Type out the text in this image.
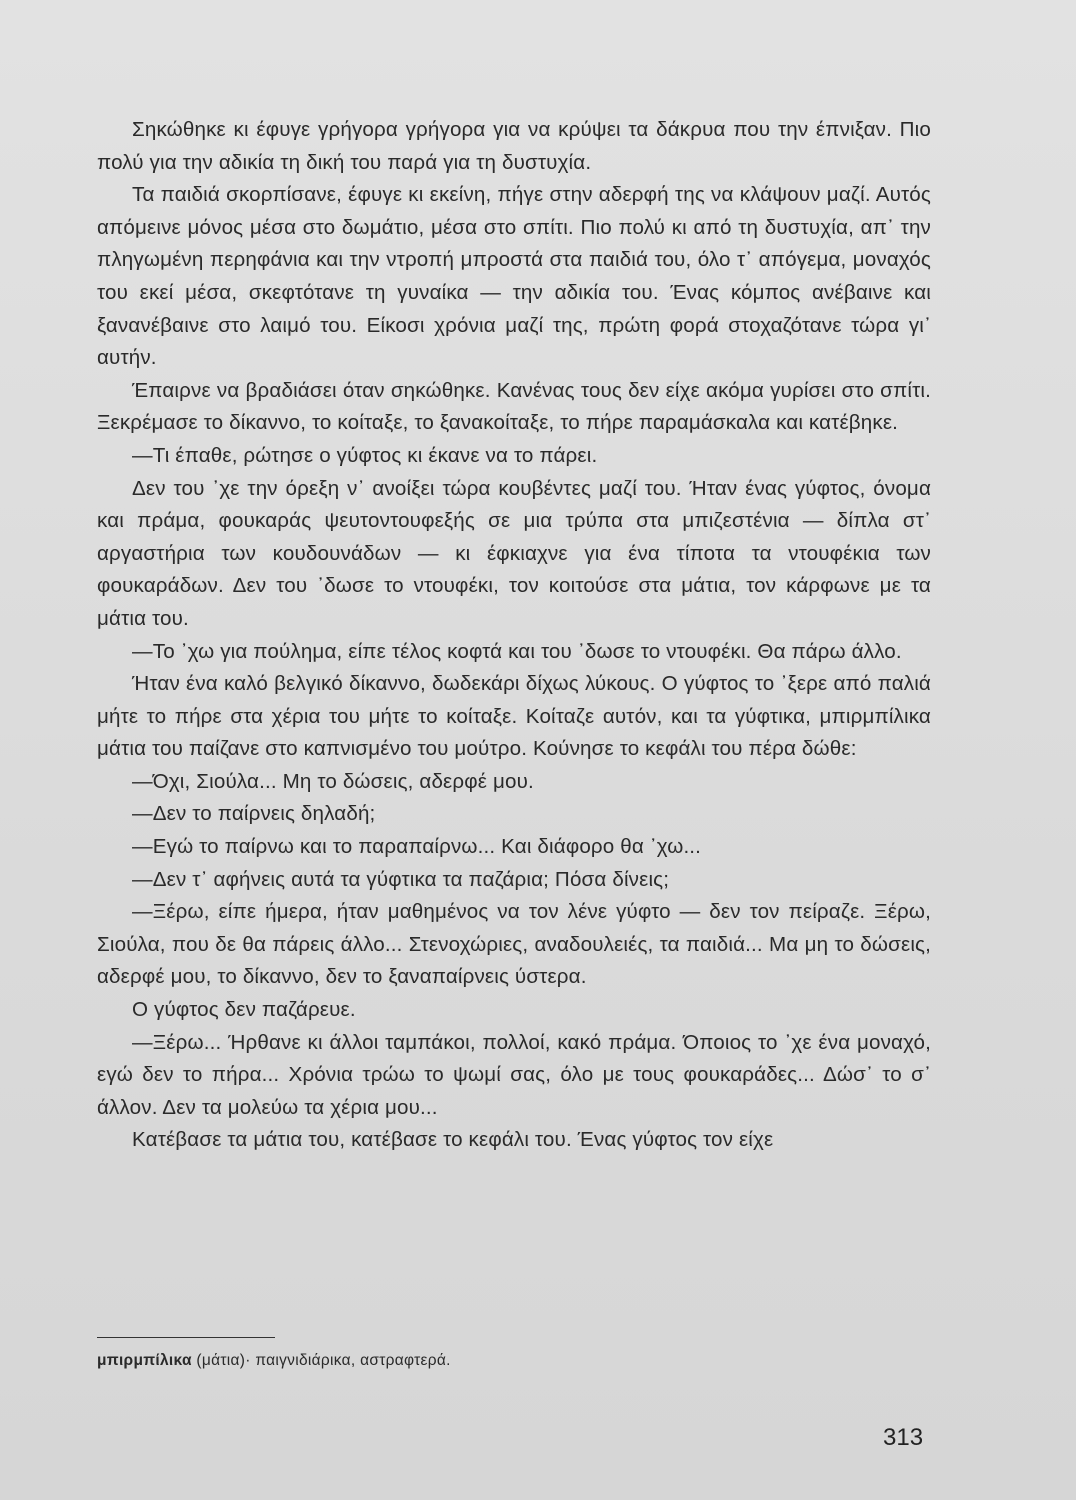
Σηκώθηκε κι έφυγε γρήγορα γρήγορα για να κρύψει τα δάκρυα που την έπνιξαν. Πιο πολύ για την αδικία τη δική του παρά για τη δυστυχία.

Τα παιδιά σκορπίσανε, έφυγε κι εκείνη, πήγε στην αδερφή της να κλάψουν μαζί. Αυτός απόμεινε μόνος μέσα στο δωμάτιο, μέσα στο σπίτι. Πιο πολύ κι από τη δυστυχία, απ᾿ την πληγωμένη περηφάνια και την ντροπή μπροστά στα παιδιά του, όλο τ᾿ απόγεμα, μοναχός του εκεί μέσα, σκεφτότανε τη γυναίκα — την αδικία του. Ένας κόμπος ανέβαινε και ξανανέβαινε στο λαιμό του. Είκοσι χρόνια μαζί της, πρώτη φορά στοχαζότανε τώρα γι᾿ αυτήν.

Έπαιρνε να βραδιάσει όταν σηκώθηκε. Κανένας τους δεν είχε ακόμα γυρίσει στο σπίτι. Ξεκρέμασε το δίκαννο, το κοίταξε, το ξανακοίταξε, το πήρε παραμάσκαλα και κατέβηκε.

—Τι έπαθε, ρώτησε ο γύφτος κι έκανε να το πάρει.

Δεν του ᾿χε την όρεξη ν᾿ ανοίξει τώρα κουβέντες μαζί του. Ήταν ένας γύφτος, όνομα και πράμα, φουκαράς ψευτοντουφεξής σε μια τρύπα στα μπιζεστένια — δίπλα στ᾿ αργαστήρια των κουδουνάδων — κι έφκιαχνε για ένα τίποτα τα ντουφέκια των φουκαράδων. Δεν του ᾿δωσε το ντουφέκι, τον κοιτούσε στα μάτια, τον κάρφωνε με τα μάτια του.

—Το ᾿χω για πούλημα, είπε τέλος κοφτά και του ᾿δωσε το ντουφέκι. Θα πάρω άλλο.

Ήταν ένα καλό βελγικό δίκαννο, δωδεκάρι δίχως λύκους. Ο γύφτος το ᾿ξερε από παλιά μήτε το πήρε στα χέρια του μήτε το κοίταξε. Κοίταζε αυτόν, και τα γύφτικα, μπιρμπίλικα μάτια του παίζανε στο καπνισμένο του μούτρο. Κούνησε το κεφάλι του πέρα δώθε:

—Όχι, Σιούλα... Μη το δώσεις, αδερφέ μου.

—Δεν το παίρνεις δηλαδή;

—Εγώ το παίρνω και το παραπαίρνω... Και διάφορο θα ᾿χω...

—Δεν τ᾿ αφήνεις αυτά τα γύφτικα τα παζάρια; Πόσα δίνεις;

—Ξέρω, είπε ήμερα, ήταν μαθημένος να τον λένε γύφτο — δεν τον πείραζε. Ξέρω, Σιούλα, που δε θα πάρεις άλλο... Στενοχώριες, αναδουλειές, τα παιδιά... Μα μη το δώσεις, αδερφέ μου, το δίκαννο, δεν το ξαναπαίρνεις ύστερα.

Ο γύφτος δεν παζάρευε.

—Ξέρω... Ήρθανε κι άλλοι ταμπάκοι, πολλοί, κακό πράμα. Όποιος το ᾿χε ένα μοναχό, εγώ δεν το πήρα... Χρόνια τρώω το ψωμί σας, όλο με τους φουκαράδες... Δώσ᾿ το σ᾿ άλλον. Δεν τα μολεύω τα χέρια μου...

Κατέβασε τα μάτια του, κατέβασε το κεφάλι του. Ένας γύφτος τον είχε

μπιρμπίλικα (μάτια)· παιγνιδιάρικα, αστραφτερά.
313
